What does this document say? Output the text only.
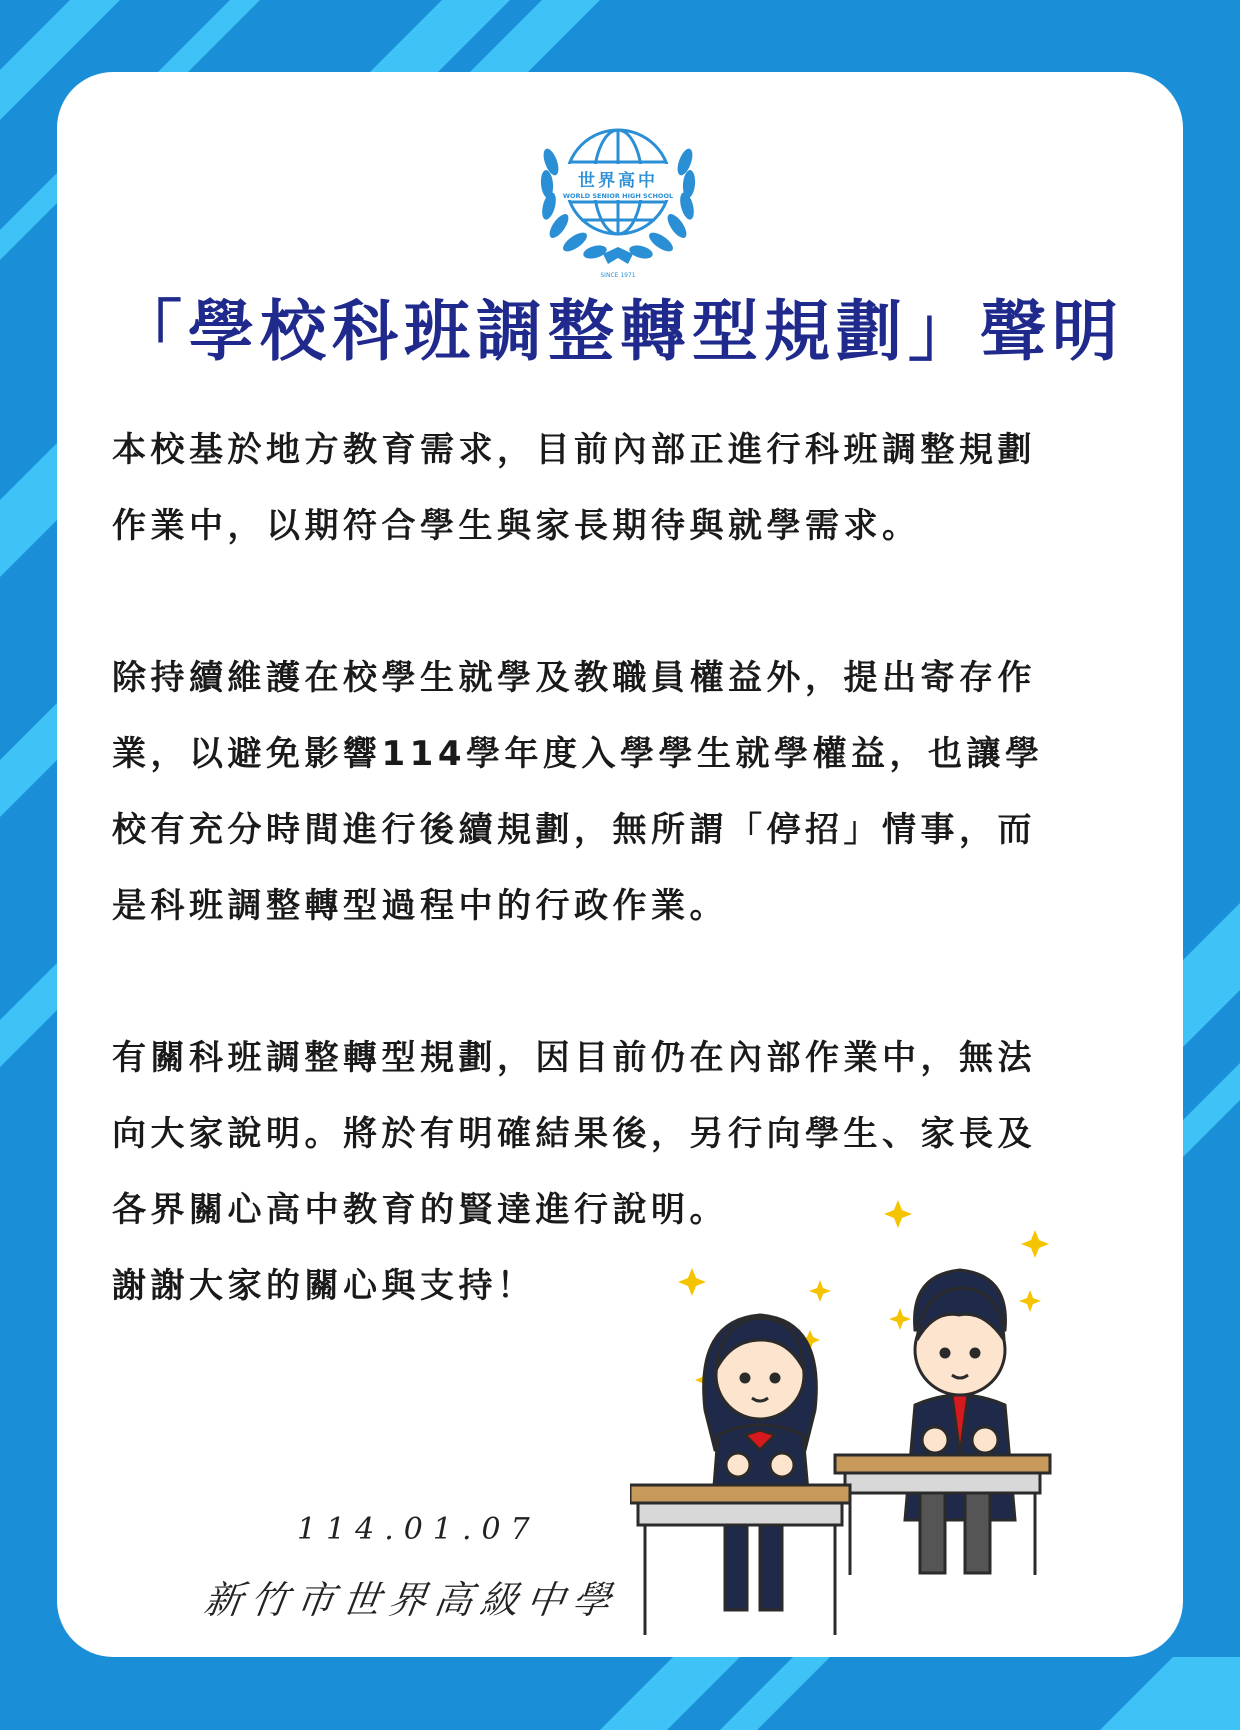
世界高中
WORLD SENIOR HIGH SCHOOL
SINCE 1971
「學校科班調整轉型規劃」聲明
本校基於地方教育需求，目前內部正進行科班調整規劃
作業中，以期符合學生與家長期待與就學需求。
除持續維護在校學生就學及教職員權益外，提出寄存作
業，以避免影響114學年度入學學生就學權益，也讓學
校有充分時間進行後續規劃，無所謂「停招」情事，而
是科班調整轉型過程中的行政作業。
有關科班調整轉型規劃，因目前仍在內部作業中，無法
向大家說明。將於有明確結果後，另行向學生、家長及
各界關心高中教育的賢達進行說明。
謝謝大家的關心與支持！
114.01.07
新竹市世界高級中學
